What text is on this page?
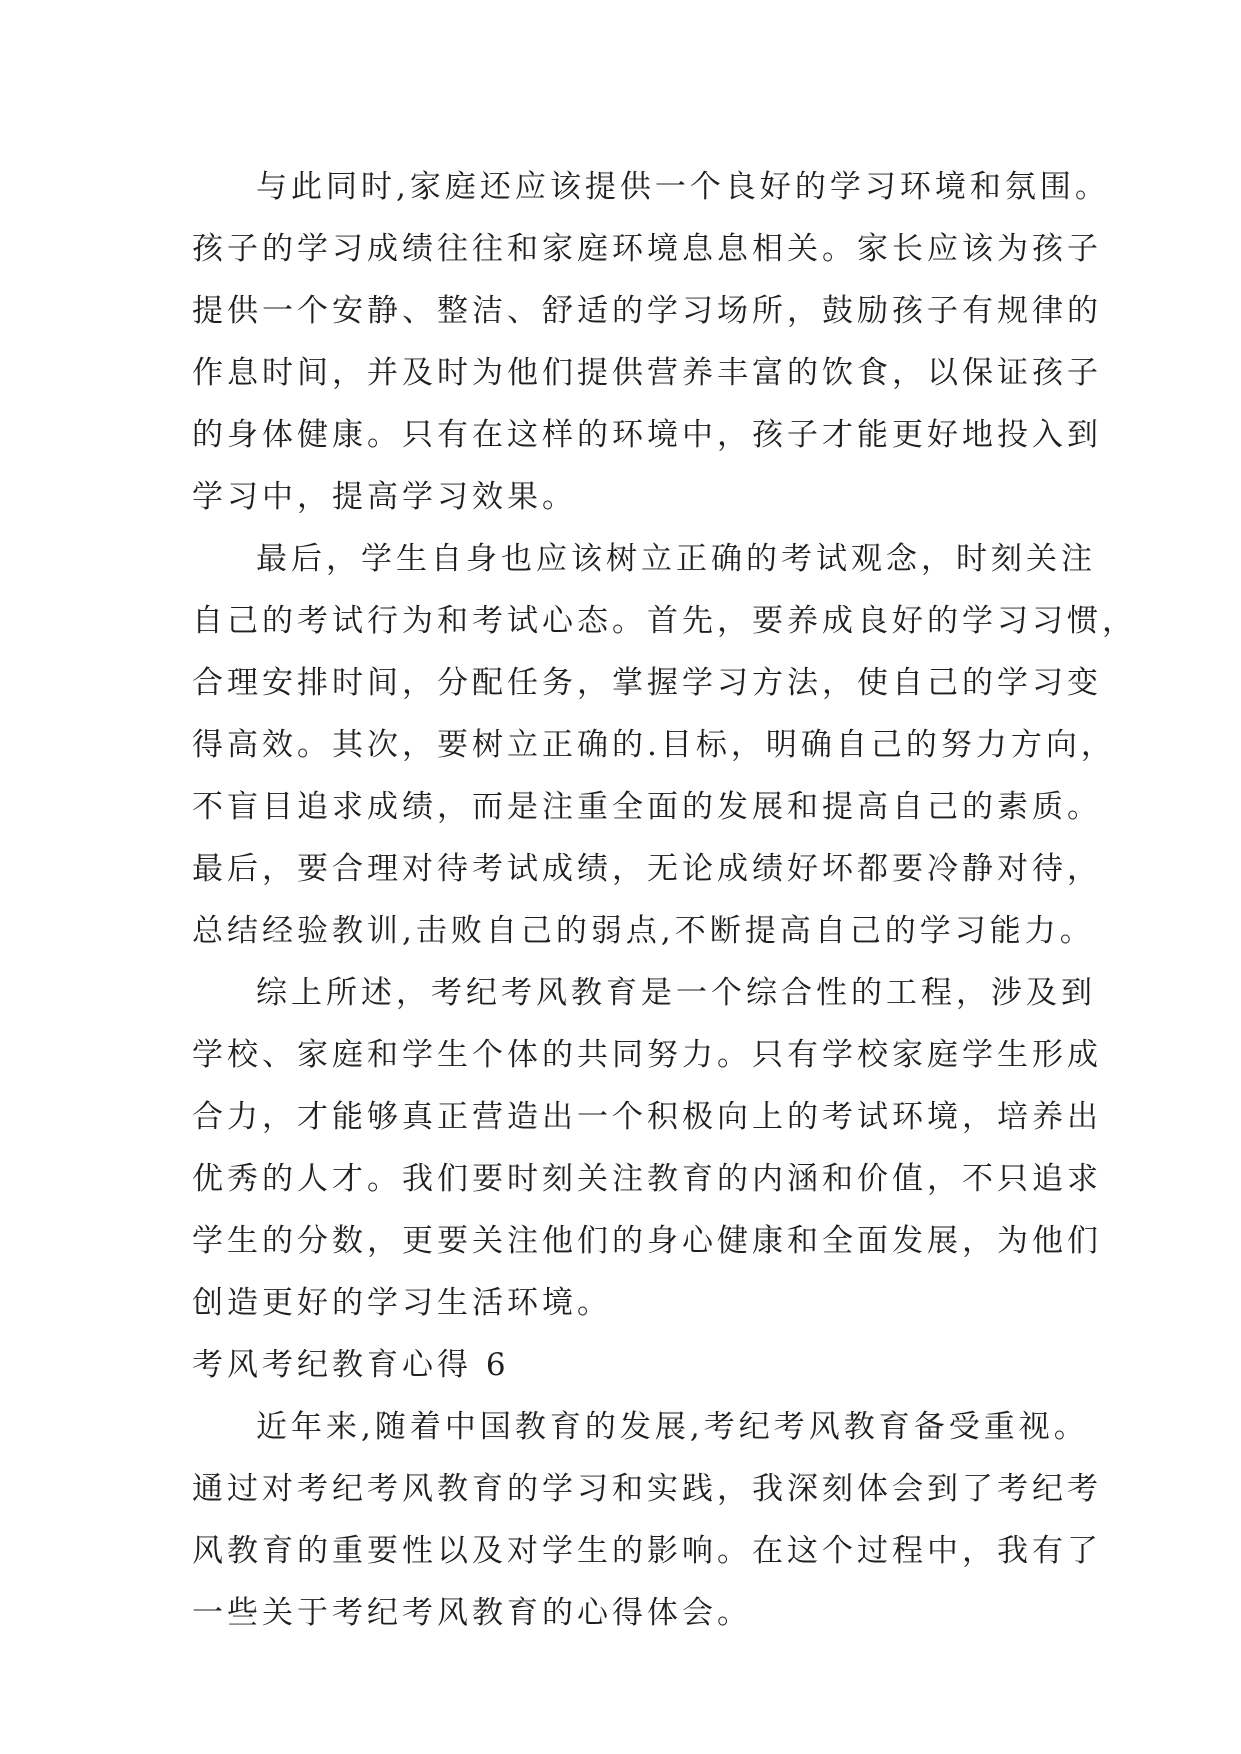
与此同时,家庭还应该提供一个良好的学习环境和氛围。
孩子的学习成绩往往和家庭环境息息相关。家长应该为孩子
提供一个安静、整洁、舒适的学习场所，鼓励孩子有规律的
作息时间，并及时为他们提供营养丰富的饮食，以保证孩子
的身体健康。只有在这样的环境中，孩子才能更好地投入到
学习中，提高学习效果。
最后，学生自身也应该树立正确的考试观念，时刻关注
自己的考试行为和考试心态。首先，要养成良好的学习习惯，
合理安排时间，分配任务，掌握学习方法，使自己的学习变
得高效。其次，要树立正确的.目标，明确自己的努力方向，
不盲目追求成绩，而是注重全面的发展和提高自己的素质。
最后，要合理对待考试成绩，无论成绩好坏都要冷静对待，
总结经验教训,击败自己的弱点,不断提高自己的学习能力。
综上所述，考纪考风教育是一个综合性的工程，涉及到
学校、家庭和学生个体的共同努力。只有学校家庭学生形成
合力，才能够真正营造出一个积极向上的考试环境，培养出
优秀的人才。我们要时刻关注教育的内涵和价值，不只追求
学生的分数，更要关注他们的身心健康和全面发展，为他们
创造更好的学习生活环境。
考风考纪教育心得 6
近年来,随着中国教育的发展,考纪考风教育备受重视。
通过对考纪考风教育的学习和实践，我深刻体会到了考纪考
风教育的重要性以及对学生的影响。在这个过程中，我有了
一些关于考纪考风教育的心得体会。
